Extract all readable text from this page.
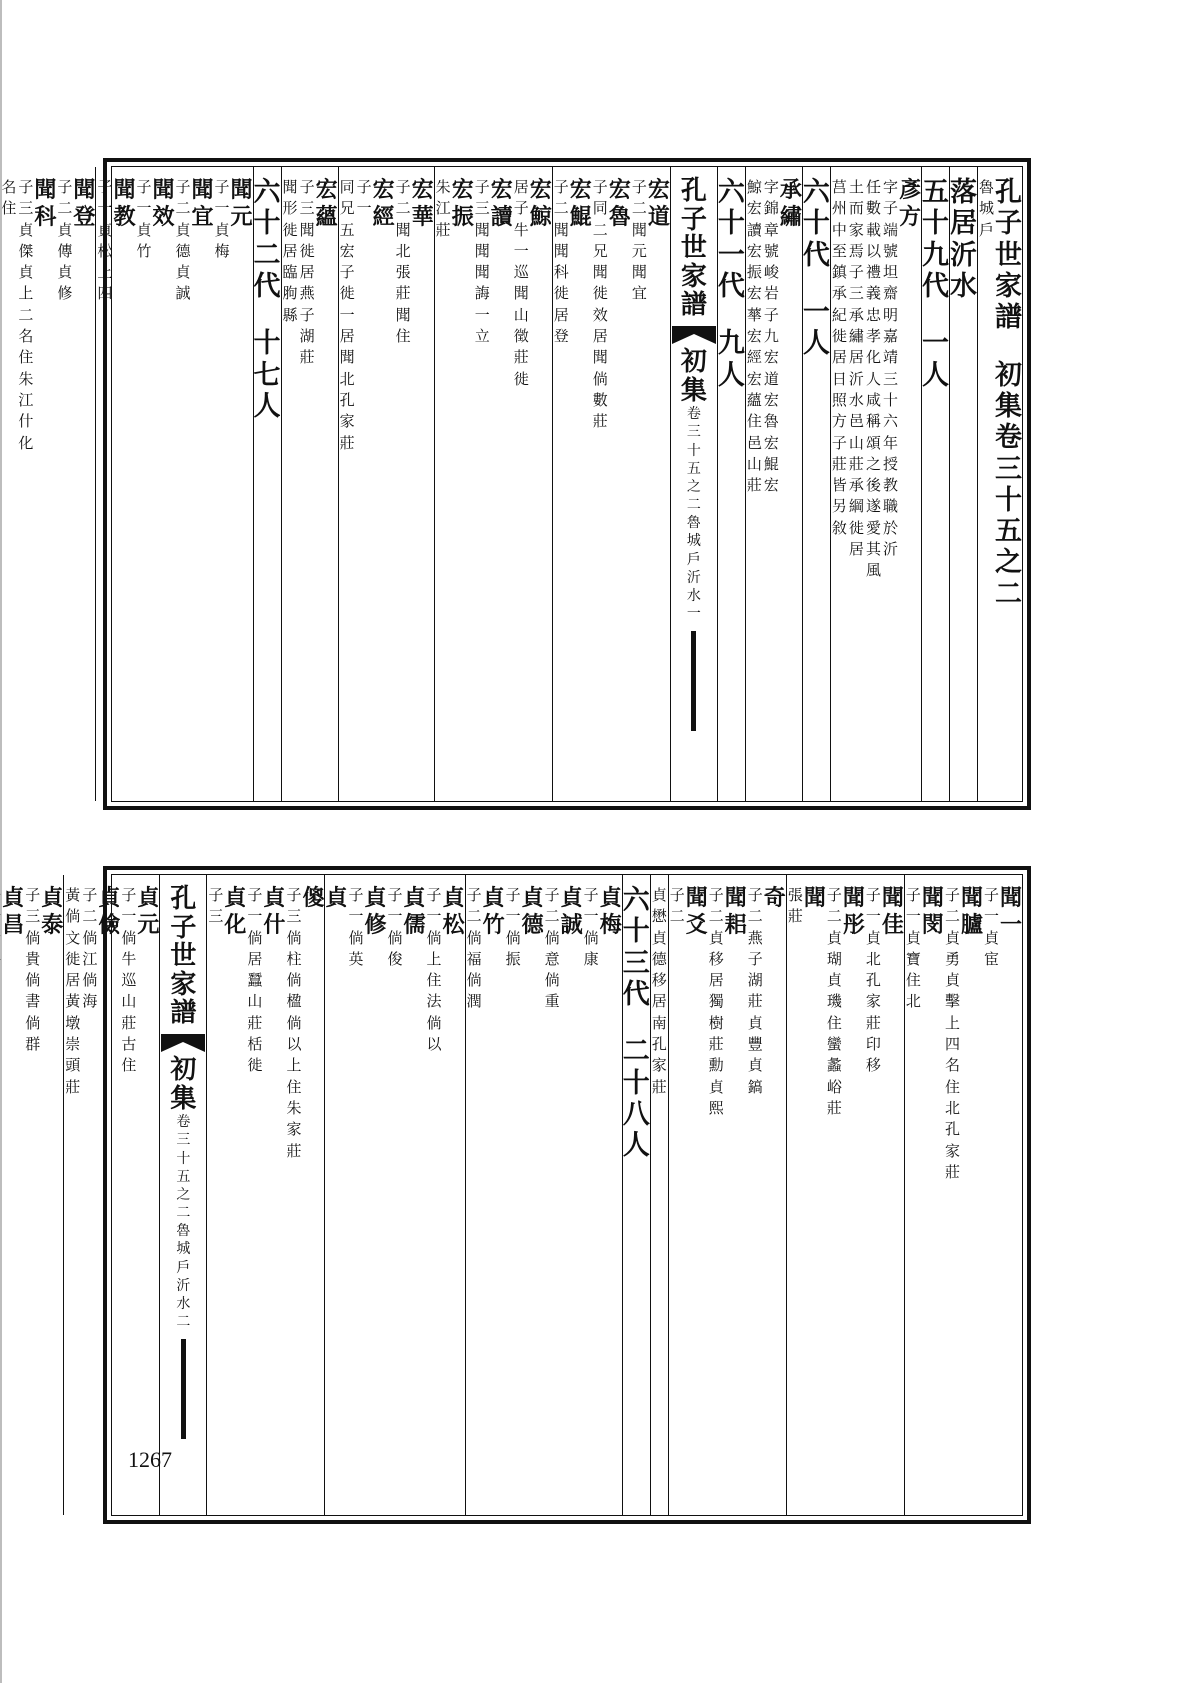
孔
子
世
家
譜
初
集
卷
三
十
五
之
二
魯
城
戶
落
居
沂
水
五
十
九
代
一
人
彥
方
字
子
端
號
坦
齋
明
嘉
靖
三
十
六
年
授
教
職
於
沂
任
數
載
以
禮
義
忠
孝
化
人
咸
稱
頌
之
後
遂
愛
其
風
土
而
家
焉
子
三
承
繡
居
沂
水
邑
山
莊
承
綱
徙
居
莒
州
中
至
鎮
承
紀
徙
居
日
照
方
子
莊
皆
另
敘
六
十
代
一
人
承
繡
字
錦
章
號
峻
岩
子
九
宏
道
宏
魯
宏
鯤
宏
鯨
宏
讀
宏
振
宏
蕐
宏
經
宏
蘊
住
邑
山
莊
六
十
一
代
九
人
孔
子
世
家
譜
初
集
卷
三
十
五
之
二
魯
城
戶
沂
水
一
宏
道
子
二
聞
元
聞
宜
宏
魯
子
同
二
兄
聞
徙
效
居
聞
倘
數
莊
宏
鯤
子
二
聞
聞
科
徙
居
登
宏
鯨
居
子
牛
一
巡
聞
山
徵
莊
徙
宏
讀
子
三
聞
聞
聞
誨
一
立
宏
振
朱
江
莊
宏
華
子
二
聞
北
張
莊
聞
住
宏
經
子
一
同
兄
五
宏
子
徙
一
居
聞
北
孔
家
莊
宏
蘊
子
三
聞
徙
居
燕
子
湖
莊
聞
形
徙
居
臨
胊
縣
六
十
二
代
十
七
人
聞
元
子
一
貞
梅
聞
宜
子
二
貞
德
貞
誠
聞
效
子
一
貞
竹
聞
教
子
一
貞
松
上
四
聞
登
子
二
貞
傳
貞
修
聞
科
子
三
貞
傑
貞
上
二
名
住
朱
江
什
化
名
住
聞
一
子
一
貞
宦
聞
臚
子
二
貞
勇
貞
擊
上
四
名
住
北
孔
家
莊
聞
閔
子
一
貞
寶
住
北
聞
佳
子
一
貞
北
孔
家
莊
印
移
聞
彤
子
二
貞
瑚
貞
璣
住
蠻
蠡
峪
莊
聞
張
莊
奇
子
二
燕
子
湖
莊
貞
豐
貞
鎬
聞
耜
子
二
貞
移
居
獨
樹
莊
勳
貞
熙
聞
爻
子
二
貞
懋
貞
德
移
居
南
孔
家
莊
六
十
三
代
二
十
八
人
貞
梅
子
一
倘
康
貞
誠
子
二
倘
意
倘
重
貞
德
子
一
倘
振
貞
竹
子
二
倘
福
倘
潤
貞
松
子
一
倘
上
住
法
倘
以
貞
儒
子
一
倘
俊
貞
修
子
一
倘
英
貞
傻
子
三
倘
柱
倘
楹
倘
以
上
住
朱
家
莊
貞
什
子
一
倘
居
蠶
山
莊
栝
徙
貞
化
子
三
孔
子
世
家
譜
初
集
卷
三
十
五
之
二
魯
城
戶
沂
水
二
貞
元
子
一
倘
牛
巡
山
莊
古
住
貞
儉
子
二
倘
江
倘
海
黃
倘
文
徙
居
黃
墩
崇
頭
莊
貞
泰
子
三
倘
貴
倘
書
倘
群
貞
昌
1267
